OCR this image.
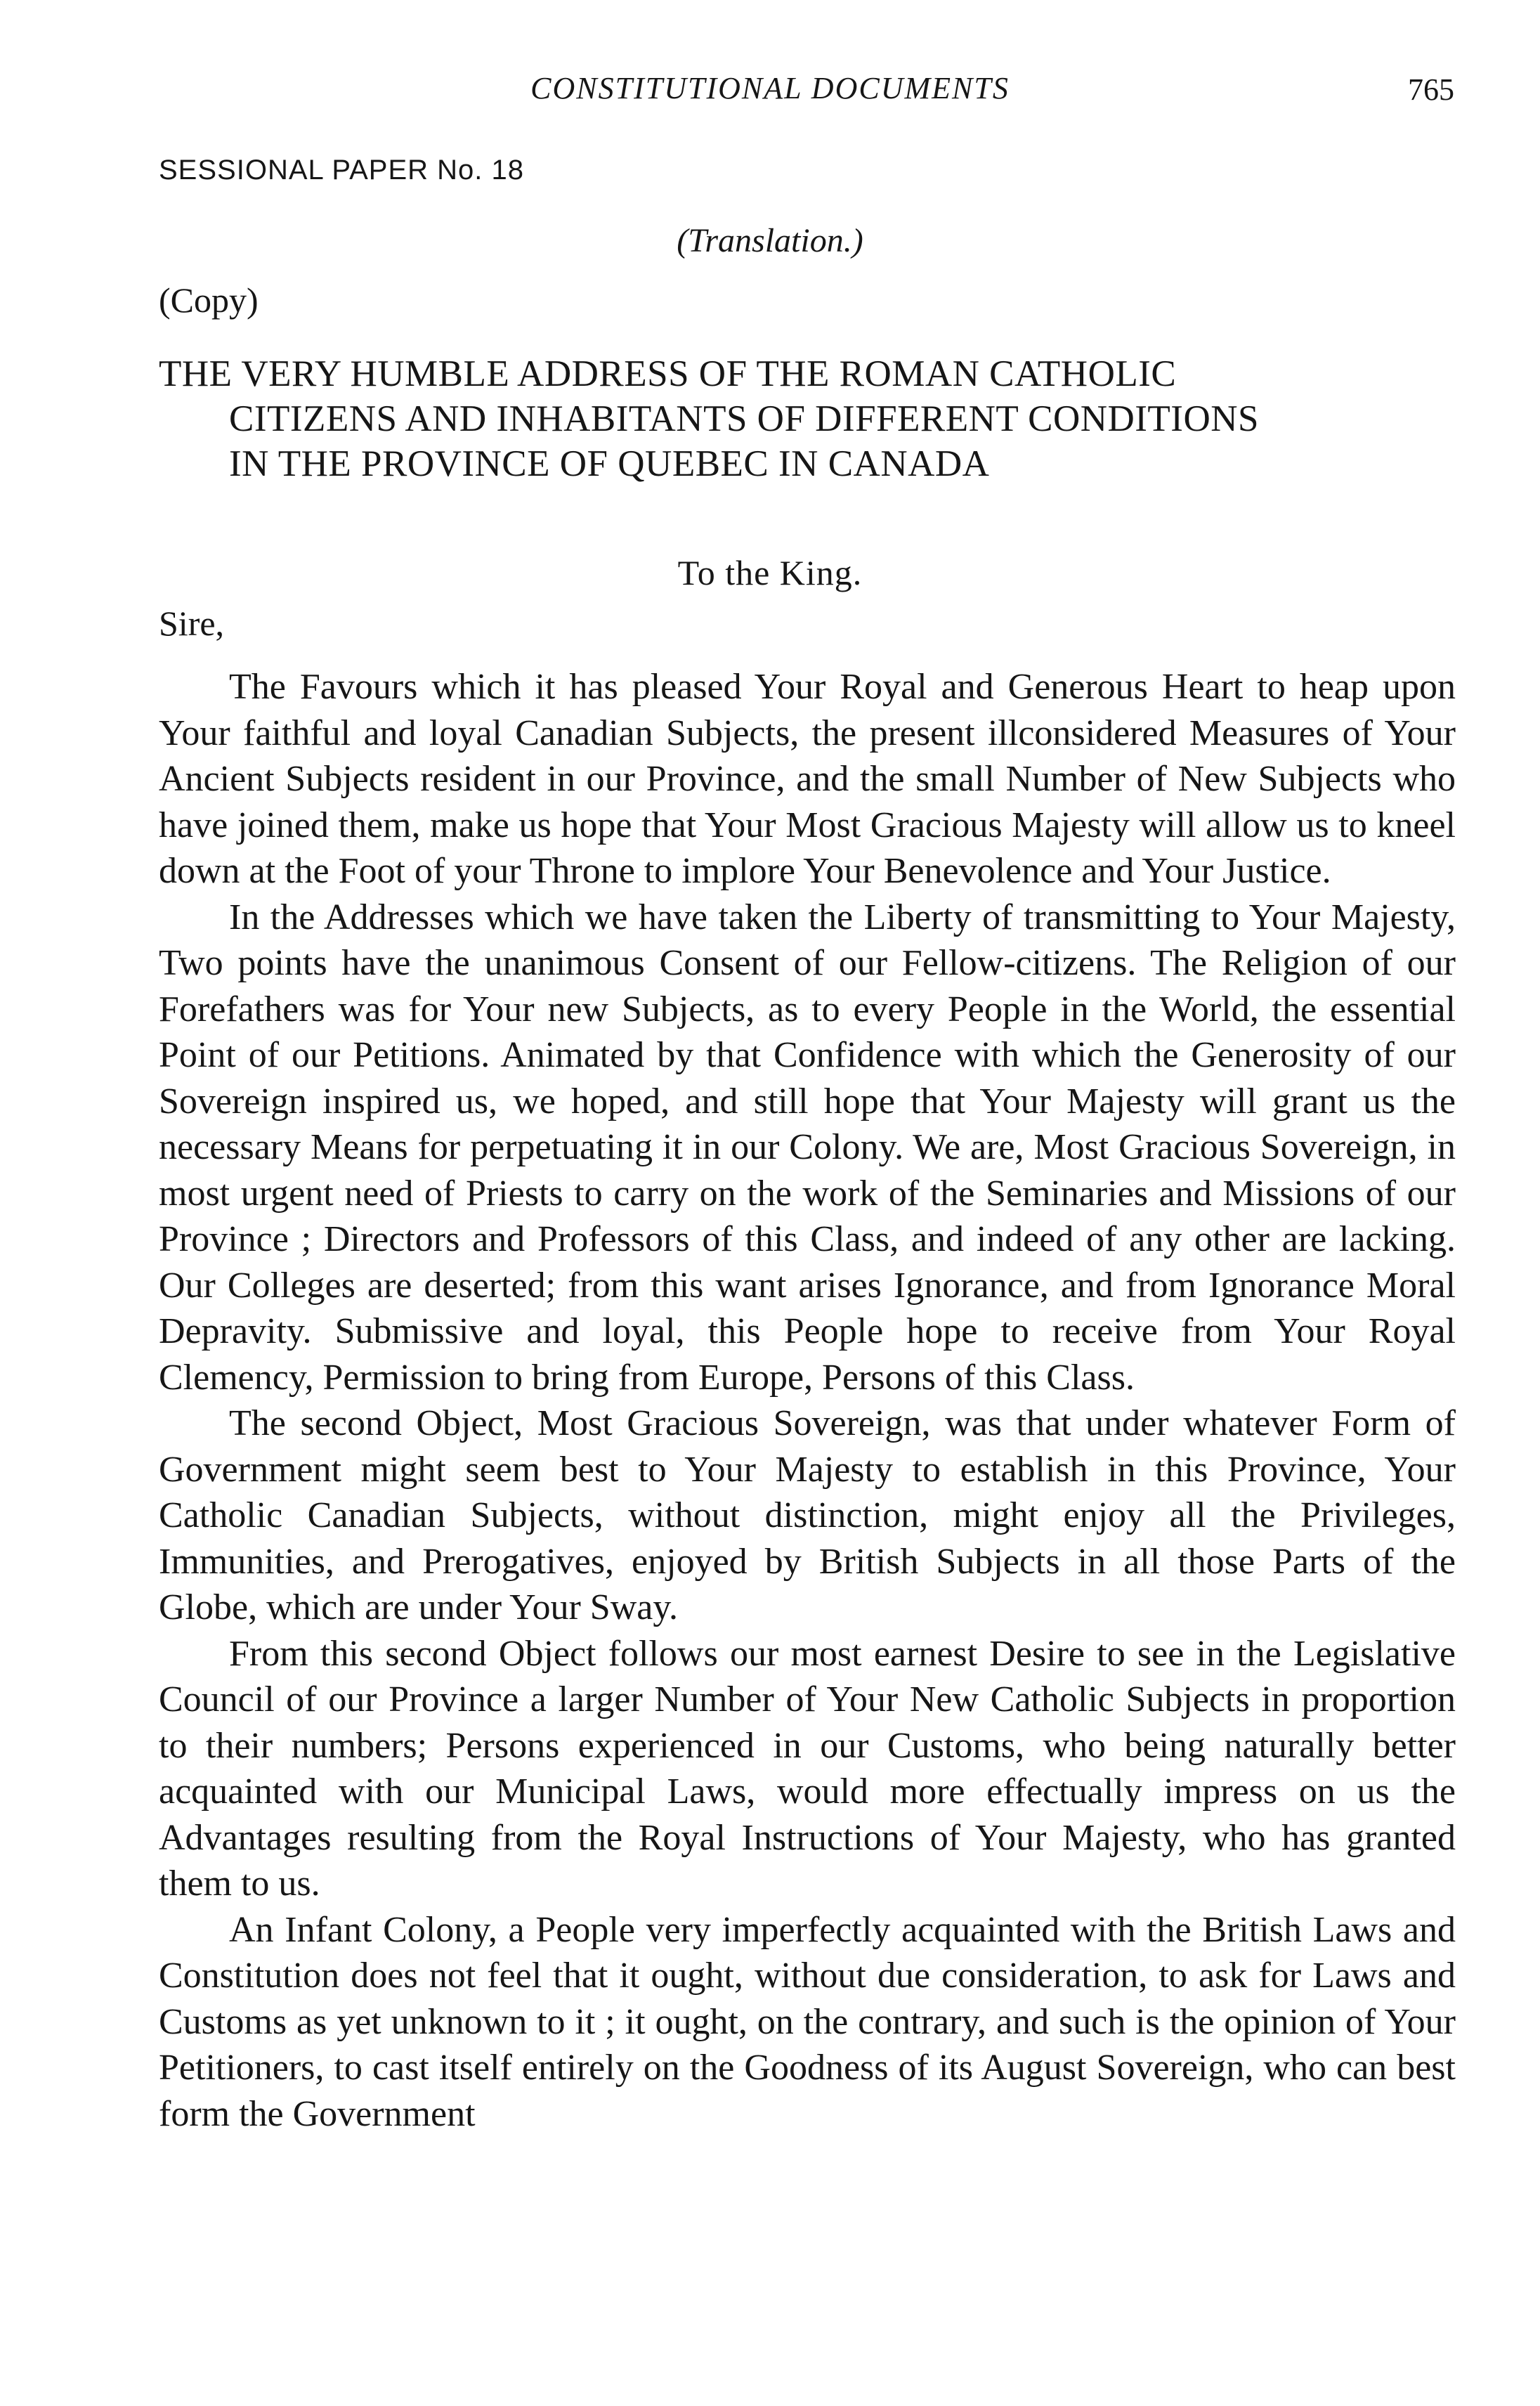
CONSTITUTIONAL DOCUMENTS	765
SESSIONAL PAPER No. 18
(Translation.)
(Copy)
THE VERY HUMBLE ADDRESS OF THE ROMAN CATHOLIC
CITIZENS AND INHABITANTS OF DIFFERENT CONDITIONS
IN THE PROVINCE OF QUEBEC IN CANADA
To the King.
Sire,

The Favours which it has pleased Your Royal and Generous Heart to heap upon Your faithful and loyal Canadian Subjects, the present illconsidered Measures of Your Ancient Subjects resident in our Province, and the small Number of New Subjects who have joined them, make us hope that Your Most Gracious Majesty will allow us to kneel down at the Foot of your Throne to implore Your Benevolence and Your Justice.

In the Addresses which we have taken the Liberty of transmitting to Your Majesty, Two points have the unanimous Consent of our Fellow-citizens. The Religion of our Forefathers was for Your new Subjects, as to every People in the World, the essential Point of our Petitions. Animated by that Confidence with which the Generosity of our Sovereign inspired us, we hoped, and still hope that Your Majesty will grant us the necessary Means for perpetuating it in our Colony. We are, Most Gracious Sovereign, in most urgent need of Priests to carry on the work of the Seminaries and Missions of our Province ; Directors and Professors of this Class, and indeed of any other are lacking. Our Colleges are deserted; from this want arises Ignorance, and from Ignorance Moral Depravity. Submissive and loyal, this People hope to receive from Your Royal Clemency, Permission to bring from Europe, Persons of this Class.

The second Object, Most Gracious Sovereign, was that under whatever Form of Government might seem best to Your Majesty to establish in this Province, Your Catholic Canadian Subjects, without distinction, might enjoy all the Privileges, Immunities, and Prerogatives, enjoyed by British Subjects in all those Parts of the Globe, which are under Your Sway.

From this second Object follows our most earnest Desire to see in the Legislative Council of our Province a larger Number of Your New Catholic Subjects in proportion to their numbers; Persons experienced in our Customs, who being naturally better acquainted with our Municipal Laws, would more effectually impress on us the Advantages resulting from the Royal Instructions of Your Majesty, who has granted them to us.

An Infant Colony, a People very imperfectly acquainted with the British Laws and Constitution does not feel that it ought, without due consideration, to ask for Laws and Customs as yet unknown to it ; it ought, on the contrary, and such is the opinion of Your Petitioners, to cast itself entirely on the Goodness of its August Sovereign, who can best form the Government
